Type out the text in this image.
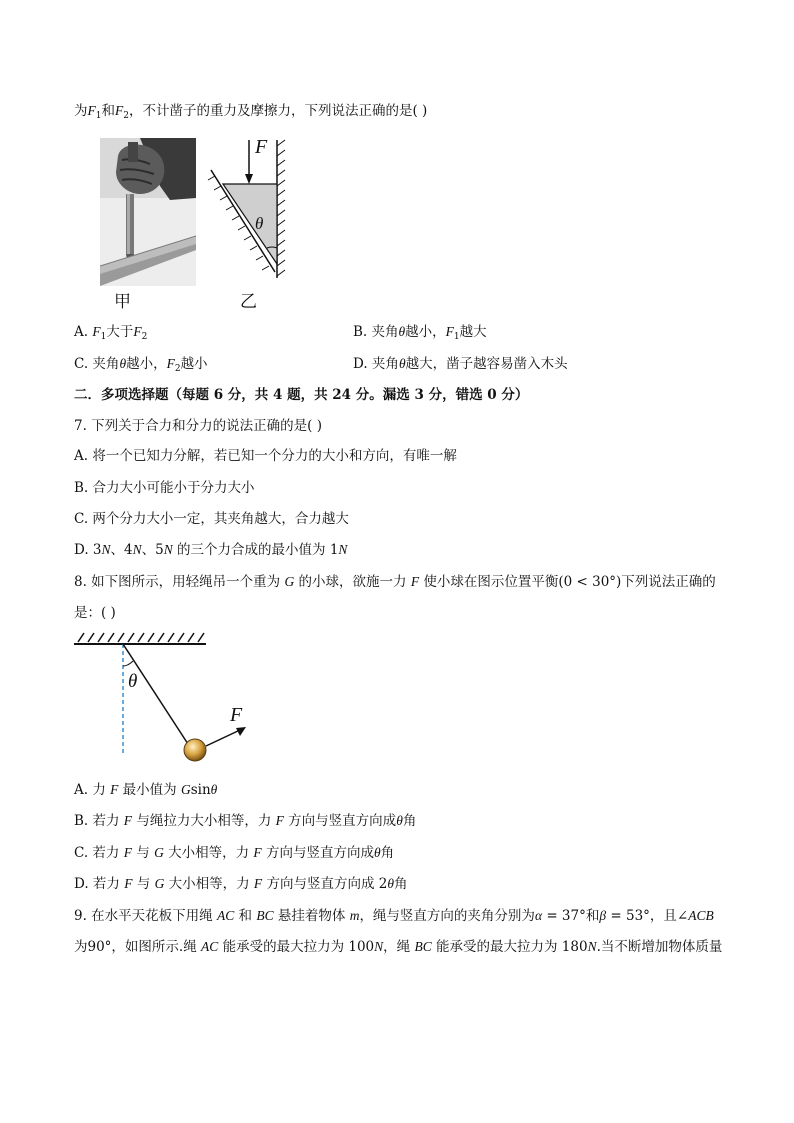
为$F_1$和$F_2$，不计凿子的重力及摩擦力，下列说法正确的是( )
甲
F
θ
乙
A. $F_1$大于$F_2$	B. 夹角θ越小，$F_1$越大
C. 夹角θ越小，$F_2$越小	D. 夹角θ越大，凿子越容易凿入木头
二．多项选择题（每题 6 分，共 4 题，共 24 分。漏选 3 分，错选 0 分）
7. 下列关于合力和分力的说法正确的是( )
A. 将一个已知力分解，若已知一个分力的大小和方向，有唯一解
B. 合力大小可能小于分力大小
C. 两个分力大小一定，其夹角越大，合力越大
D. 3N、4N、5N 的三个力合成的最小值为 1N
8. 如下图所示，用轻绳吊一个重为 G 的小球，欲施一力 F 使小球在图示位置平衡(0 < 30°)下列说法正确的
是：( )
θ
F
A. 力 F 最小值为 Gsinθ
B. 若力 F 与绳拉力大小相等，力 F 方向与竖直方向成θ角
C. 若力 F 与 G 大小相等，力 F 方向与竖直方向成θ角
D. 若力 F 与 G 大小相等，力 F 方向与竖直方向成 2θ角
9. 在水平天花板下用绳 AC 和 BC 悬挂着物体 m，绳与竖直方向的夹角分别为α = 37°和β = 53°，且∠ACB
为90°，如图所示.绳 AC 能承受的最大拉力为 100N，绳 BC 能承受的最大拉力为 180N.当不断增加物体质量
